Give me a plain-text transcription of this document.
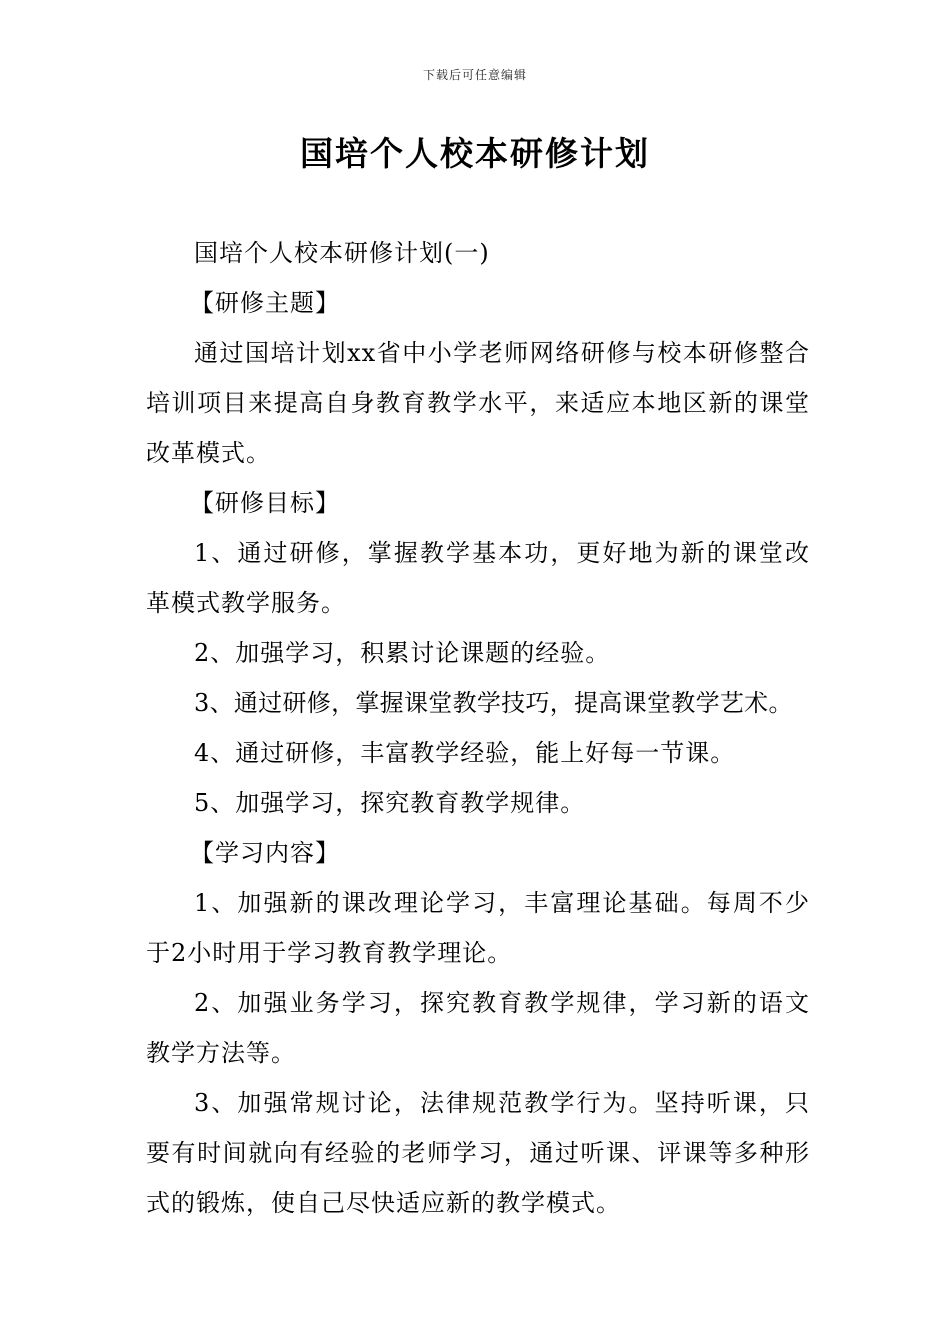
下载后可任意编辑
国培个人校本研修计划

国培个人校本研修计划(一)

【研修主题】

通过国培计划xx省中小学老师网络研修与校本研修整合培训项目来提高自身教育教学水平，来适应本地区新的课堂改革模式。

【研修目标】

1、通过研修，掌握教学基本功，更好地为新的课堂改革模式教学服务。

2、加强学习，积累讨论课题的经验。

3、通过研修，掌握课堂教学技巧，提高课堂教学艺术。

4、通过研修，丰富教学经验，能上好每一节课。

5、加强学习，探究教育教学规律。

【学习内容】

1、加强新的课改理论学习，丰富理论基础。每周不少于2小时用于学习教育教学理论。

2、加强业务学习，探究教育教学规律，学习新的语文教学方法等。

3、加强常规讨论，法律规范教学行为。坚持听课，只要有时间就向有经验的老师学习，通过听课、评课等多种形式的锻炼，使自己尽快适应新的教学模式。
